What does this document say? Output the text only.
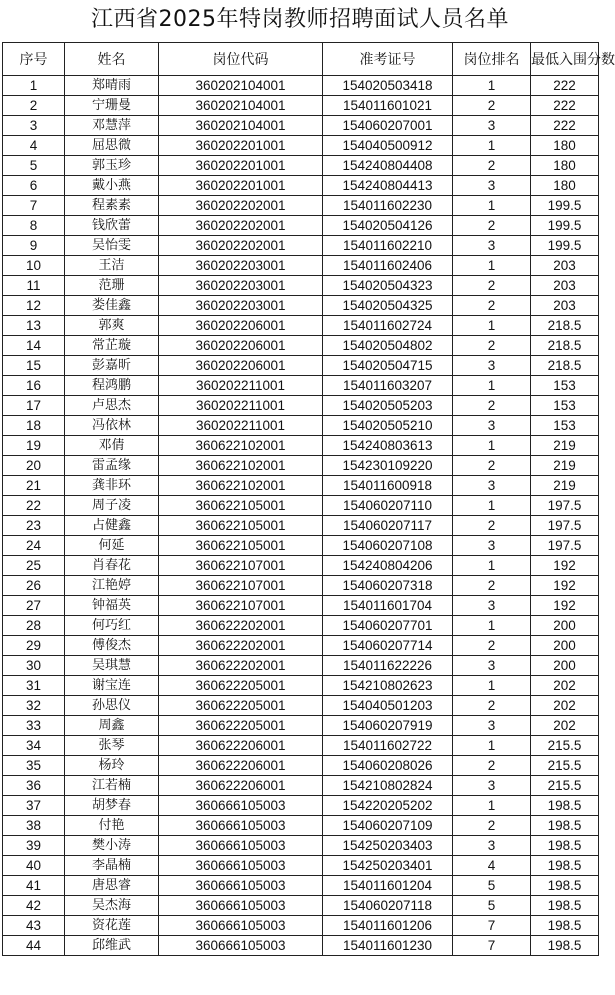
江西省2025年特岗教师招聘面试人员名单
序号	姓名	岗位代码	准考证号	岗位排名	最低入围分数
1	郑晴雨	360202104001	154020503418	1	222
2	宁珊曼	360202104001	154011601021	2	222
3	邓慧萍	360202104001	154060207001	3	222
4	屈思微	360202201001	154040500912	1	180
5	郭玉珍	360202201001	154240804408	2	180
6	戴小燕	360202201001	154240804413	3	180
7	程素素	360202202001	154011602230	1	199.5
8	钱欣蕾	360202202001	154020504126	2	199.5
9	吴怡雯	360202202001	154011602210	3	199.5
10	王洁	360202203001	154011602406	1	203
11	范珊	360202203001	154020504323	2	203
12	娄佳鑫	360202203001	154020504325	2	203
13	郭爽	360202206001	154011602724	1	218.5
14	常芷璇	360202206001	154020504802	2	218.5
15	彭嘉昕	360202206001	154020504715	3	218.5
16	程鸿鹏	360202211001	154011603207	1	153
17	卢思杰	360202211001	154020505203	2	153
18	冯依林	360202211001	154020505210	3	153
19	邓倩	360622102001	154240803613	1	219
20	雷孟缘	360622102001	154230109220	2	219
21	龚非环	360622102001	154011600918	3	219
22	周子凌	360622105001	154060207110	1	197.5
23	占健鑫	360622105001	154060207117	2	197.5
24	何延	360622105001	154060207108	3	197.5
25	肖春花	360622107001	154240804206	1	192
26	江艳婷	360622107001	154060207318	2	192
27	钟福英	360622107001	154011601704	3	192
28	何巧红	360622202001	154060207701	1	200
29	傅俊杰	360622202001	154060207714	2	200
30	吴琪慧	360622202001	154011622226	3	200
31	谢宝连	360622205001	154210802623	1	202
32	孙思仪	360622205001	154040501203	2	202
33	周鑫	360622205001	154060207919	3	202
34	张琴	360622206001	154011602722	1	215.5
35	杨玲	360622206001	154060208026	2	215.5
36	江若楠	360622206001	154210802824	3	215.5
37	胡梦春	360666105003	154220205202	1	198.5
38	付艳	360666105003	154060207109	2	198.5
39	樊小涛	360666105003	154250203403	3	198.5
40	李晶楠	360666105003	154250203401	4	198.5
41	唐思睿	360666105003	154011601204	5	198.5
42	吴杰海	360666105003	154060207118	5	198.5
43	资花莲	360666105003	154011601206	7	198.5
44	邱维武	360666105003	154011601230	7	198.5
